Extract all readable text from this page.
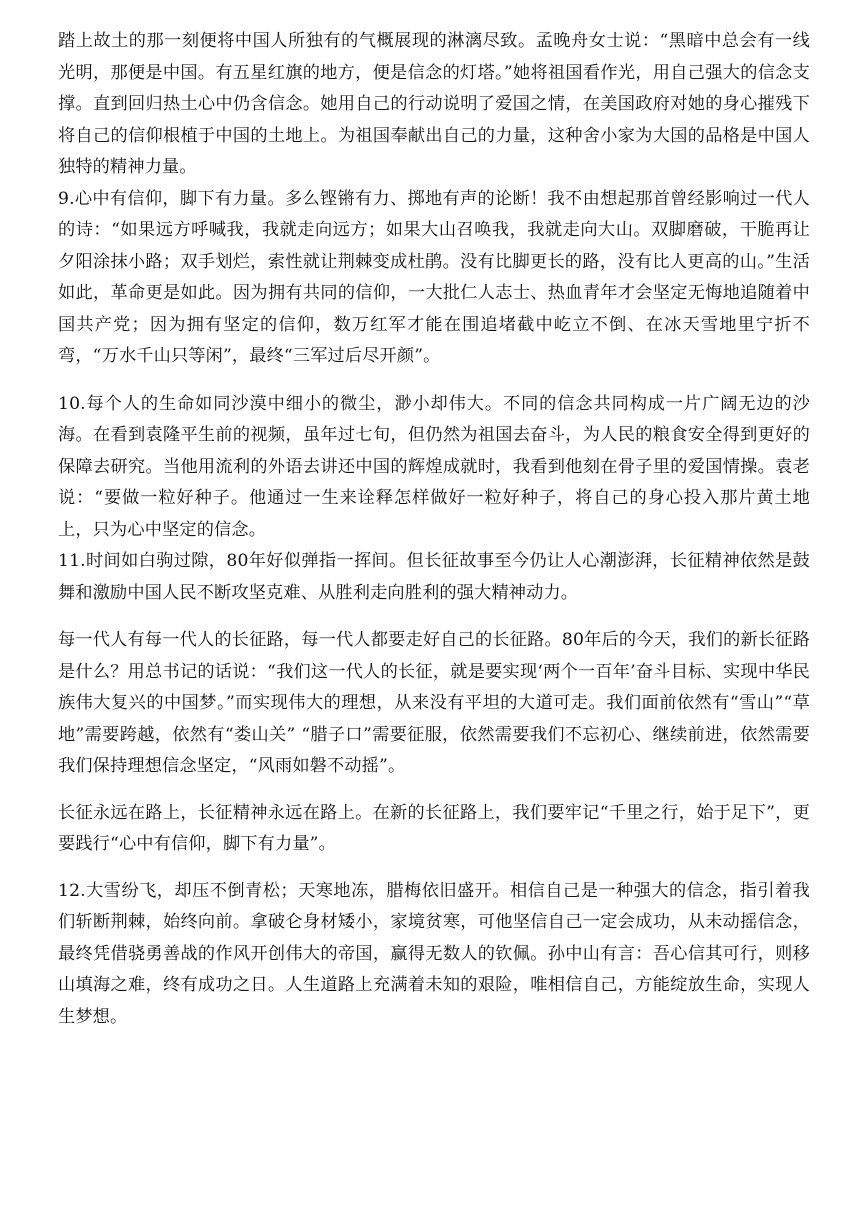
踏上故土的那一刻便将中国人所独有的气概展现的淋漓尽致。孟晚舟女士说：“黑暗中总会有一线光明，那便是中国。有五星红旗的地方，便是信念的灯塔。”她将祖国看作光，用自己强大的信念支撑。直到回归热土心中仍含信念。她用自己的行动说明了爱国之情，在美国政府对她的身心摧残下将自己的信仰根植于中国的土地上。为祖国奉献出自己的力量，这种舍小家为大国的品格是中国人独特的精神力量。

9.心中有信仰，脚下有力量。多么铿锵有力、掷地有声的论断！我不由想起那首曾经影响过一代人的诗：“如果远方呼喊我，我就走向远方；如果大山召唤我，我就走向大山。双脚磨破，干脆再让夕阳涂抹小路；双手划烂，索性就让荆棘变成杜鹃。没有比脚更长的路，没有比人更高的山。”生活如此，革命更是如此。因为拥有共同的信仰，一大批仁人志士、热血青年才会坚定无悔地追随着中国共产党；因为拥有坚定的信仰，数万红军才能在围追堵截中屹立不倒、在冰天雪地里宁折不弯，“万水千山只等闲”，最终“三军过后尽开颜”。

10.每个人的生命如同沙漠中细小的微尘，渺小却伟大。不同的信念共同构成一片广阔无边的沙海。在看到袁隆平生前的视频，虽年过七旬，但仍然为祖国去奋斗，为人民的粮食安全得到更好的保障去研究。当他用流利的外语去讲还中国的辉煌成就时，我看到他刻在骨子里的爱国情操。袁老说：“要做一粒好种子。他通过一生来诠释怎样做好一粒好种子，将自己的身心投入那片黄土地上，只为心中坚定的信念。

11.时间如白驹过隙，80年好似弹指一挥间。但长征故事至今仍让人心潮澎湃，长征精神依然是鼓舞和激励中国人民不断攻坚克难、从胜利走向胜利的强大精神动力。

每一代人有每一代人的长征路，每一代人都要走好自己的长征路。80年后的今天，我们的新长征路是什么？用总书记的话说：“我们这一代人的长征，就是要实现‘两个一百年’奋斗目标、实现中华民族伟大复兴的中国梦。”而实现伟大的理想，从来没有平坦的大道可走。我们面前依然有“雪山”“草地”需要跨越，依然有“娄山关” “腊子口”需要征服，依然需要我们不忘初心、继续前进，依然需要我们保持理想信念坚定，“风雨如磐不动摇”。

长征永远在路上，长征精神永远在路上。在新的长征路上，我们要牢记“千里之行，始于足下”，更要践行“心中有信仰，脚下有力量”。

12.大雪纷飞，却压不倒青松；天寒地冻，腊梅依旧盛开。相信自己是一种强大的信念，指引着我们斩断荆棘，始终向前。拿破仑身材矮小，家境贫寒，可他坚信自己一定会成功，从未动摇信念，最终凭借骁勇善战的作风开创伟大的帝国，赢得无数人的钦佩。孙中山有言：吾心信其可行，则移山填海之难，终有成功之日。人生道路上充满着未知的艰险，唯相信自己，方能绽放生命，实现人生梦想。
